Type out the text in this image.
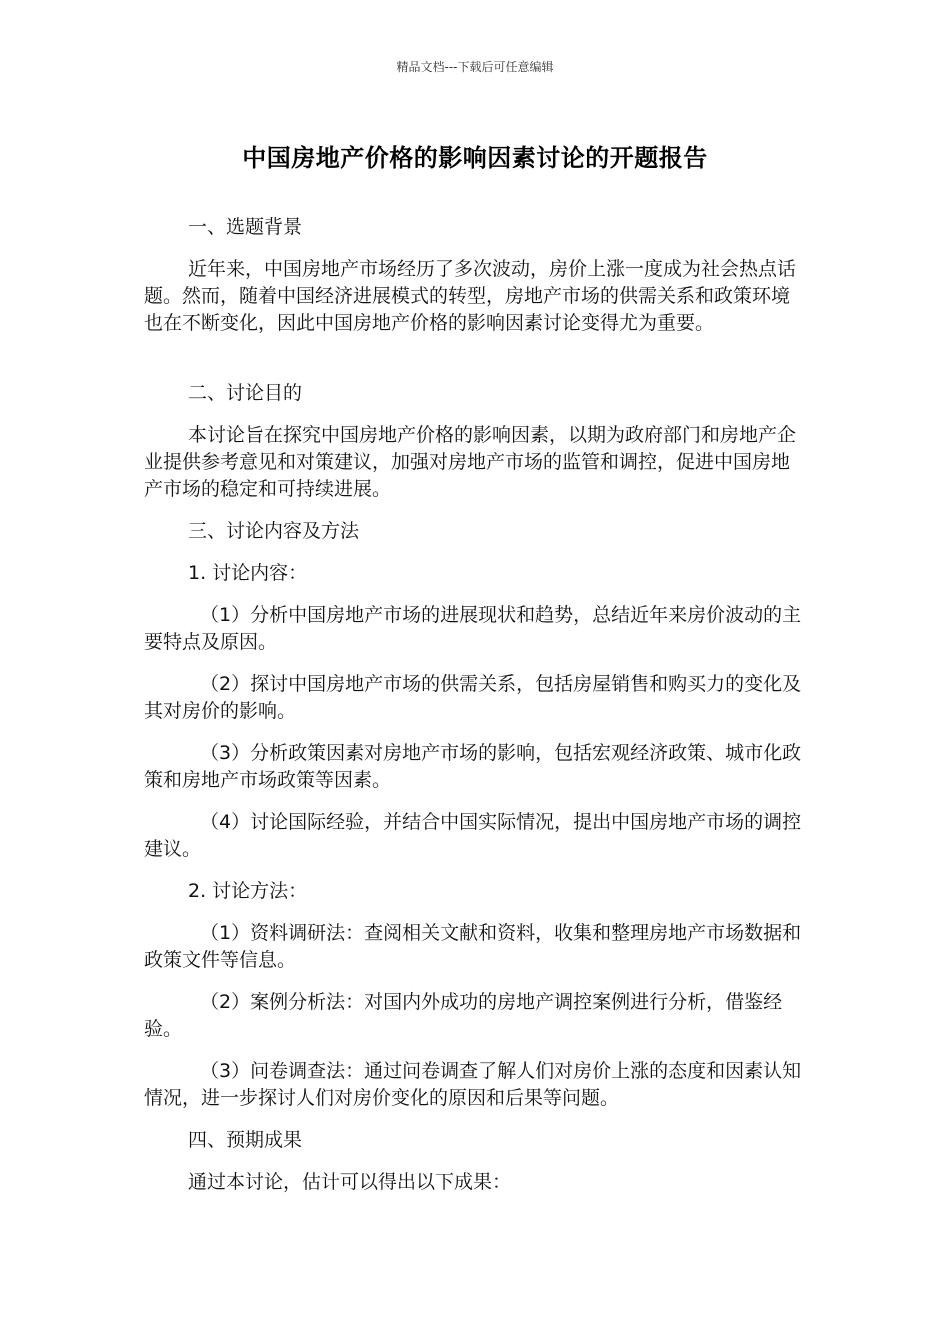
精品文档---下载后可任意编辑
中国房地产价格的影响因素讨论的开题报告

一、选题背景

近年来，中国房地产市场经历了多次波动，房价上涨一度成为社会热点话题。然而，随着中国经济进展模式的转型，房地产市场的供需关系和政策环境也在不断变化，因此中国房地产价格的影响因素讨论变得尤为重要。

二、讨论目的

本讨论旨在探究中国房地产价格的影响因素，以期为政府部门和房地产企业提供参考意见和对策建议，加强对房地产市场的监管和调控，促进中国房地产市场的稳定和可持续进展。

三、讨论内容及方法

1. 讨论内容：

（1）分析中国房地产市场的进展现状和趋势，总结近年来房价波动的主要特点及原因。

（2）探讨中国房地产市场的供需关系，包括房屋销售和购买力的变化及其对房价的影响。

（3）分析政策因素对房地产市场的影响，包括宏观经济政策、城市化政策和房地产市场政策等因素。

（4）讨论国际经验，并结合中国实际情况，提出中国房地产市场的调控建议。

2. 讨论方法：

（1）资料调研法：查阅相关文献和资料，收集和整理房地产市场数据和政策文件等信息。

（2）案例分析法：对国内外成功的房地产调控案例进行分析，借鉴经验。

（3）问卷调查法：通过问卷调查了解人们对房价上涨的态度和因素认知情况，进一步探讨人们对房价变化的原因和后果等问题。

四、预期成果

通过本讨论，估计可以得出以下成果：
